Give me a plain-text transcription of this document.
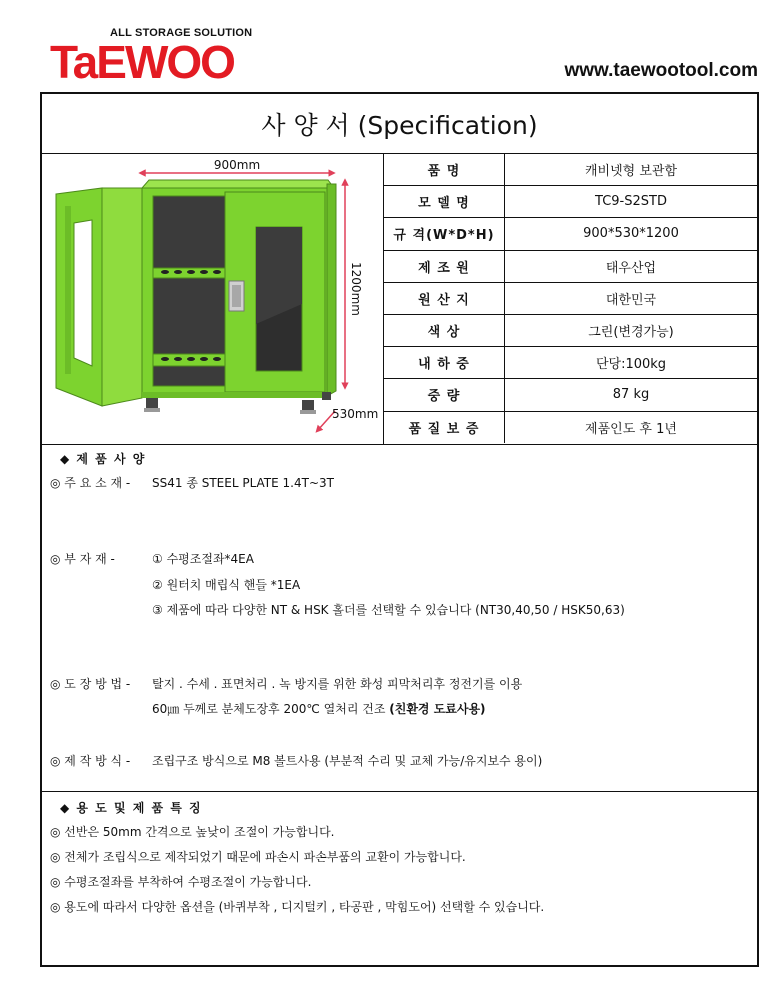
ALL STORAGE SOLUTION
TaEWOO	www.taewootool.com
사 양 서 (Specification)
900mm
1200mm
530mm
품 명	캐비넷형 보관함
모 델 명	TC9-S2STD
규 격(W*D*H)	900*530*1200
제 조 원	태우산업
원 산 지	대한민국
색 상	그린(변경가능)
내 하 중	단당:100kg
중 량	87 kg
품 질 보 증	제품인도 후 1년
◆ 제 품 사 양
◎ 주 요 소 재 - SS41 종 STEEL PLATE 1.4T~3T
◎ 부 자 재 -	① 수평조절좌*4EA
② 원터치 매립식 핸들 *1EA
③ 제품에 따라 다양한 NT & HSK 홀더를 선택할 수 있습니다 (NT30,40,50 / HSK50,63)
◎ 도 장 방 법 - 탈지 . 수세 . 표면처리 . 녹 방지를 위한 화성 피막처리후 정전기를 이용
60㎛ 두께로 분체도장후 200℃ 열처리 건조 (친환경 도료사용)
◎ 제 작 방 식 - 조립구조 방식으로 M8 볼트사용 (부분적 수리 및 교체 가능/유지보수 용이)
◆ 용 도 및 제 품 특 징
◎ 선반은 50mm 간격으로 높낮이 조절이 가능합니다.
◎ 전체가 조립식으로 제작되었기 때문에 파손시 파손부품의 교환이 가능합니다.
◎ 수평조절좌를 부착하여 수평조절이 가능합니다.
◎ 용도에 따라서 다양한 옵션을 (바퀴부착 , 디지털키 , 타공판 , 막힘도어) 선택할 수 있습니다.
